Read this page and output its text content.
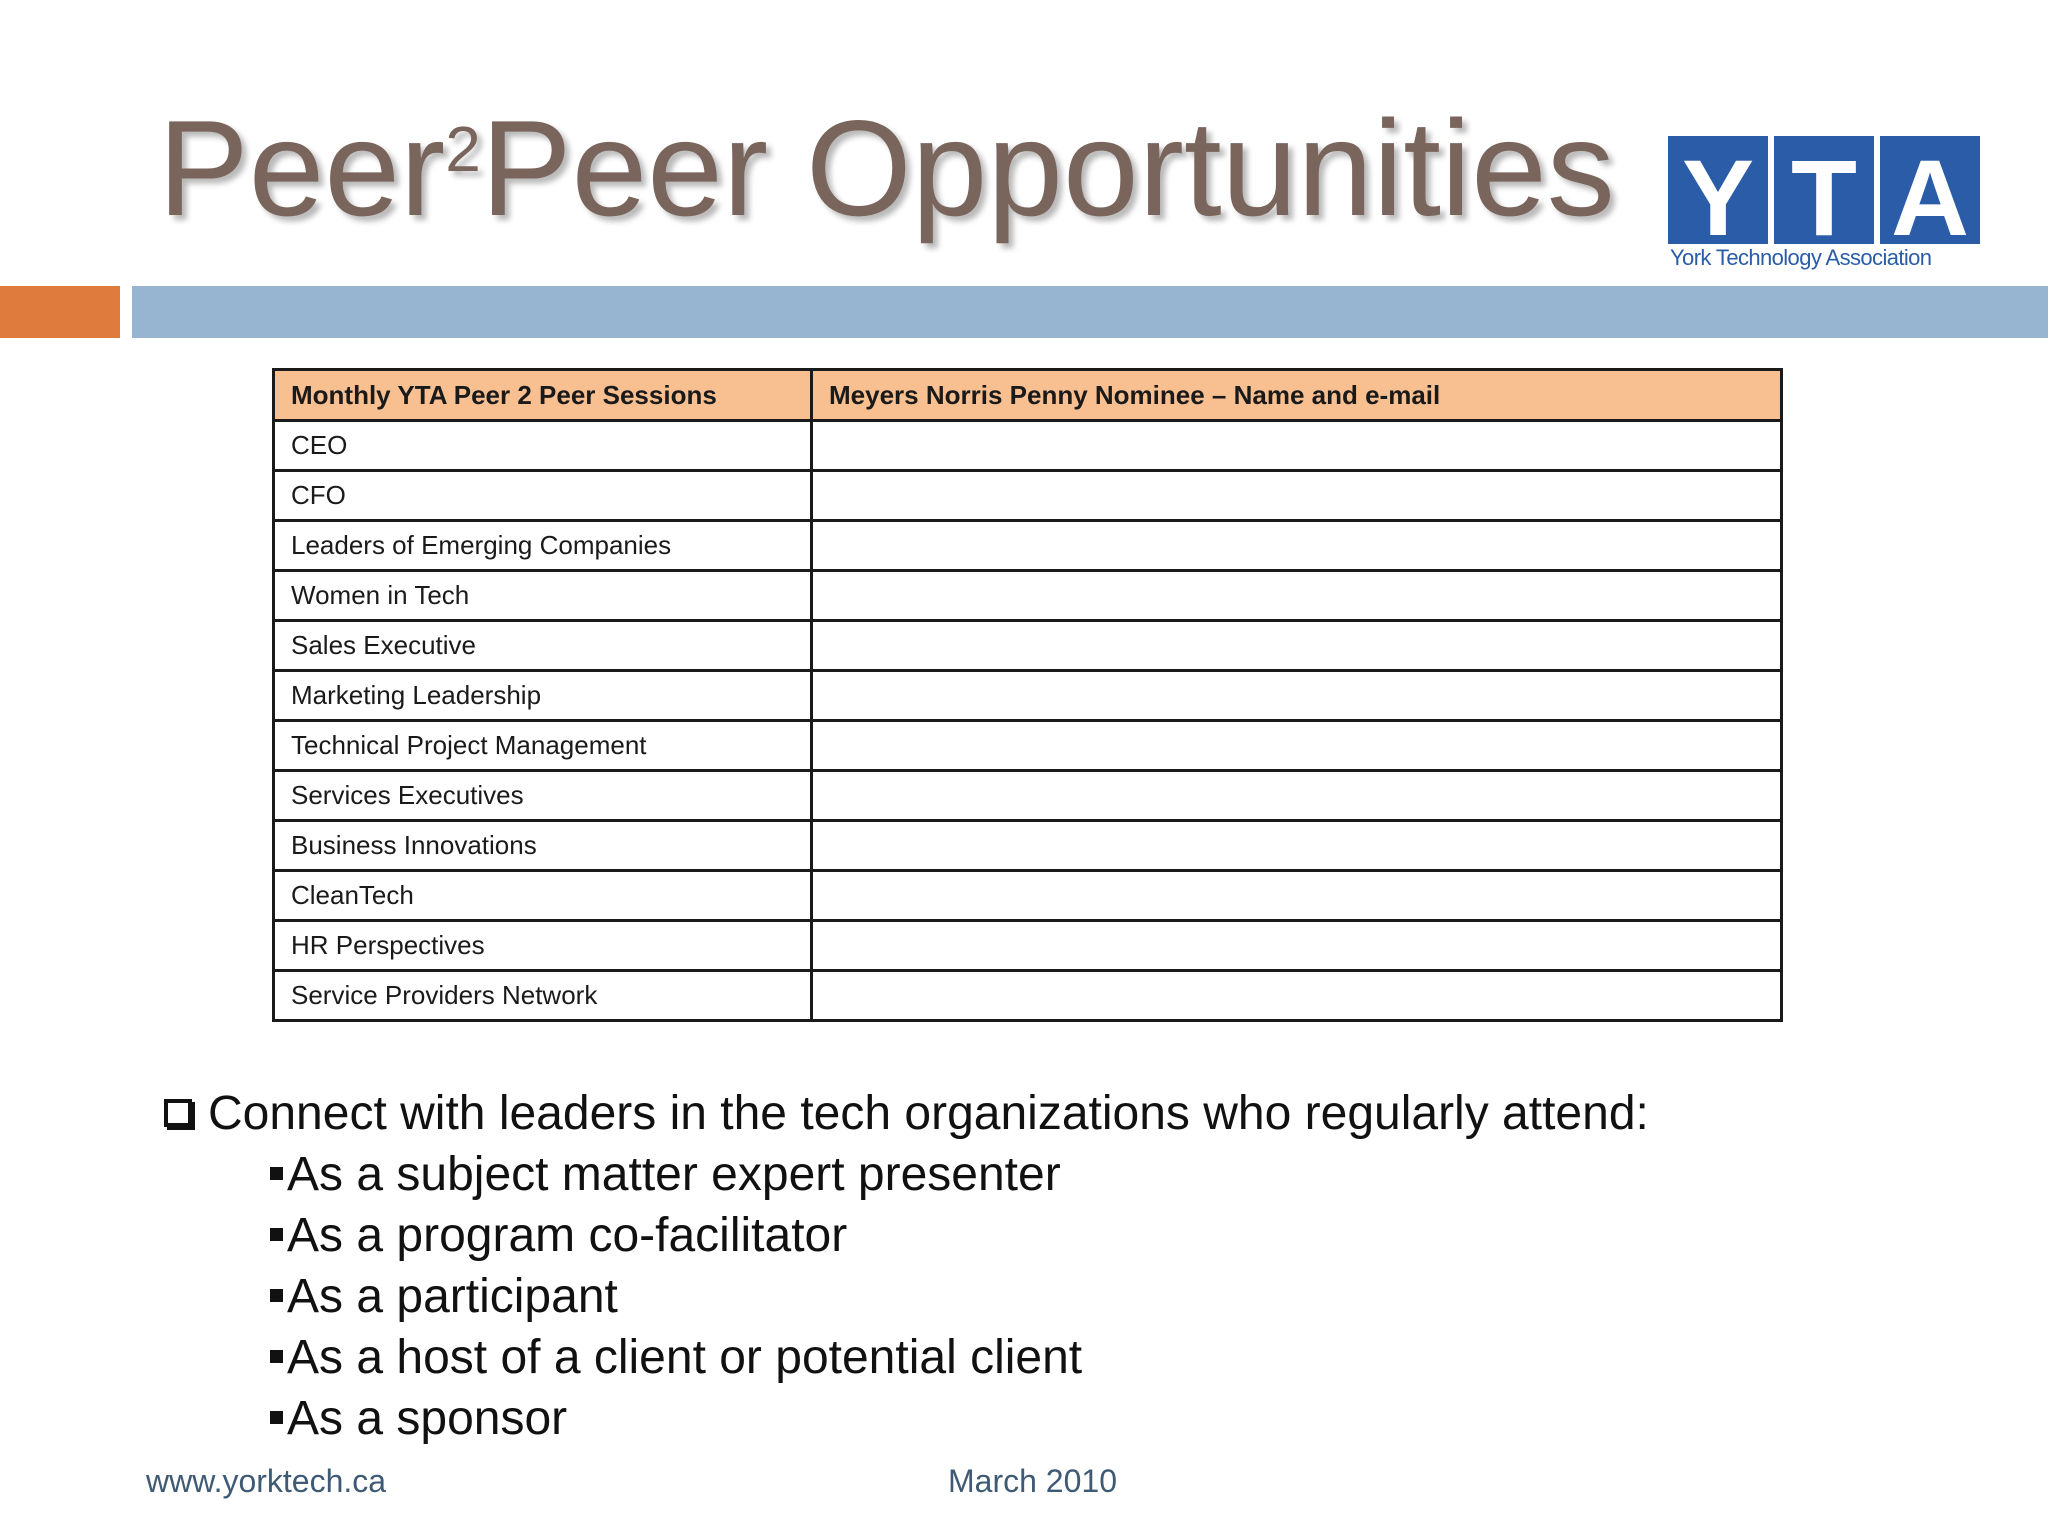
Peer$^2$Peer Opportunities Y T A
York Technology Association
Monthly YTA Peer 2 Peer Sessions	Meyers Norris Penny Nominee – Name and e-mail
CEO	
CFO	
Leaders of Emerging Companies	
Women in Tech	
Sales Executive	
Marketing Leadership	
Technical Project Management	
Services Executives	
Business Innovations	
CleanTech	
HR Perspectives	
Service Providers Network	

Connect with leaders in the tech organizations who regularly attend:

As a subject matter expert presenter
As a program co-facilitator
As a participant
As a host of a client or potential client
As a sponsor
www.yorktech.ca	March 2010
